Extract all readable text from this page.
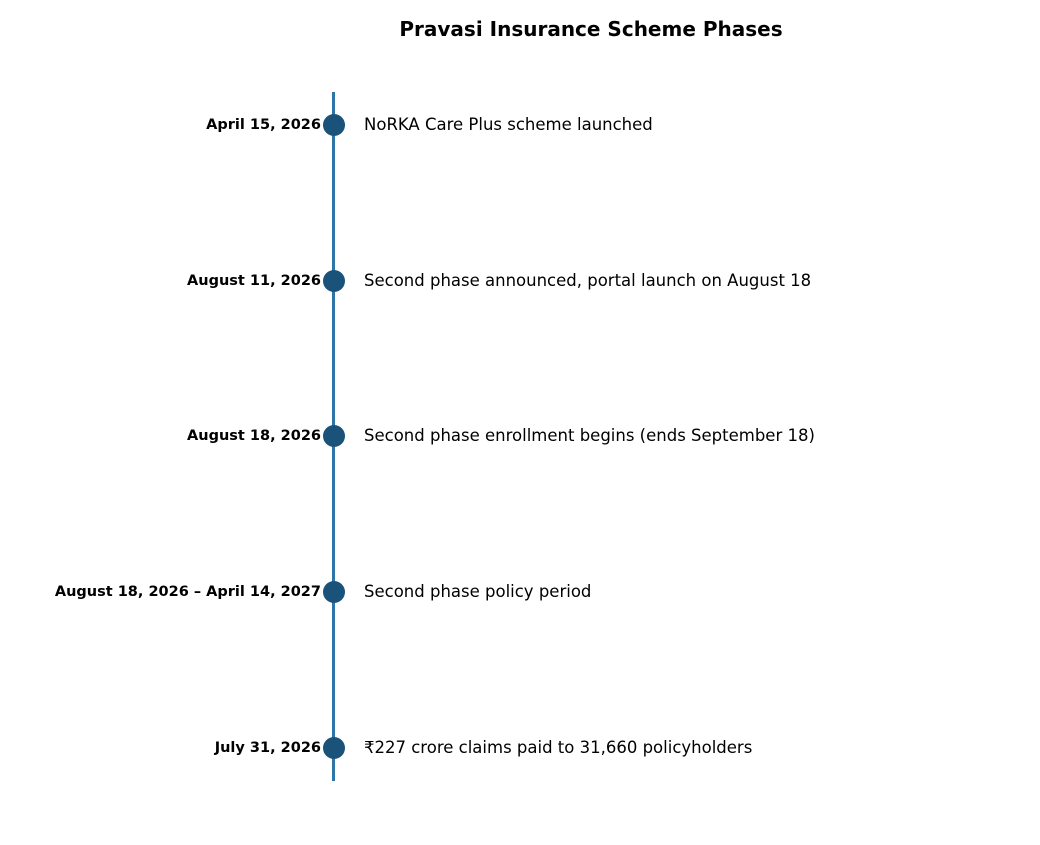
Pravasi Insurance Scheme Phases
April 15, 2026	NoRKA Care Plus scheme launched
August 11, 2026	Second phase announced, portal launch on August 18
August 18, 2026	Second phase enrollment begins (ends September 18)
August 18, 2026 – April 14, 2027	Second phase policy period
July 31, 2026	₹227 crore claims paid to 31,660 policyholders
